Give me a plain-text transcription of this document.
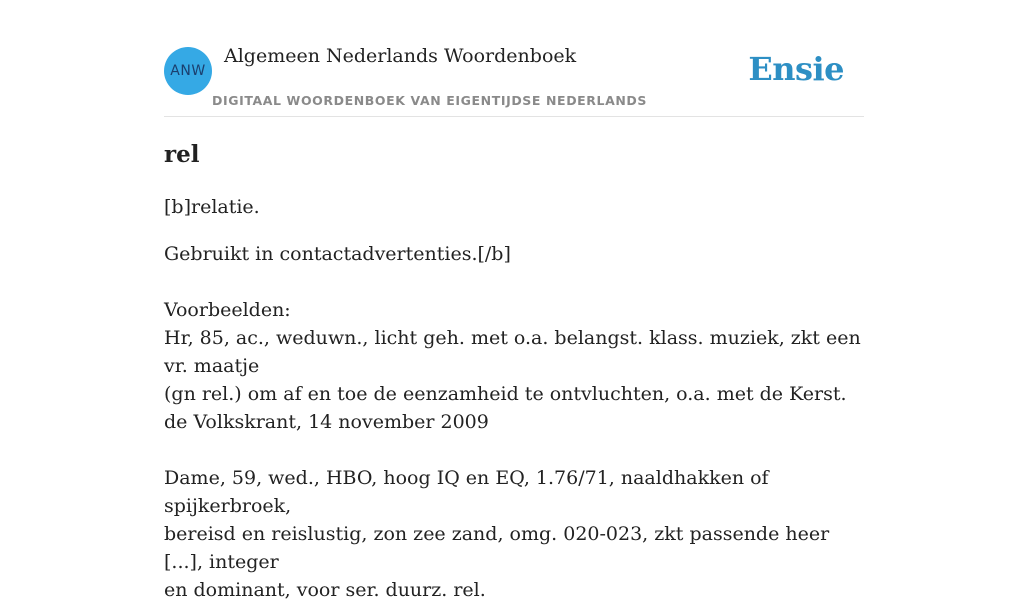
ANW
Algemeen Nederlands Woordenboek
DIGITAAL WOORDENBOEK VAN EIGENTIJDSE NEDERLANDS
Ensie
rel

[b]relatie.

Gebruikt in contactadvertenties.[/b]

Voorbeelden:

Hr, 85, ac., weduwn., licht geh. met o.a. belangst. klass. muziek, zkt een vr. maatje

(gn rel.) om af en toe de eenzamheid te ontvluchten, o.a. met de Kerst.

de Volkskrant, 14 november 2009

Dame, 59, wed., HBO, hoog IQ en EQ, 1.76/71, naaldhakken of spijkerbroek,

bereisd en reislustig, zon zee zand, omg. 020-023, zkt passende heer [...], integer

en dominant, voor ser. duurz. rel.
